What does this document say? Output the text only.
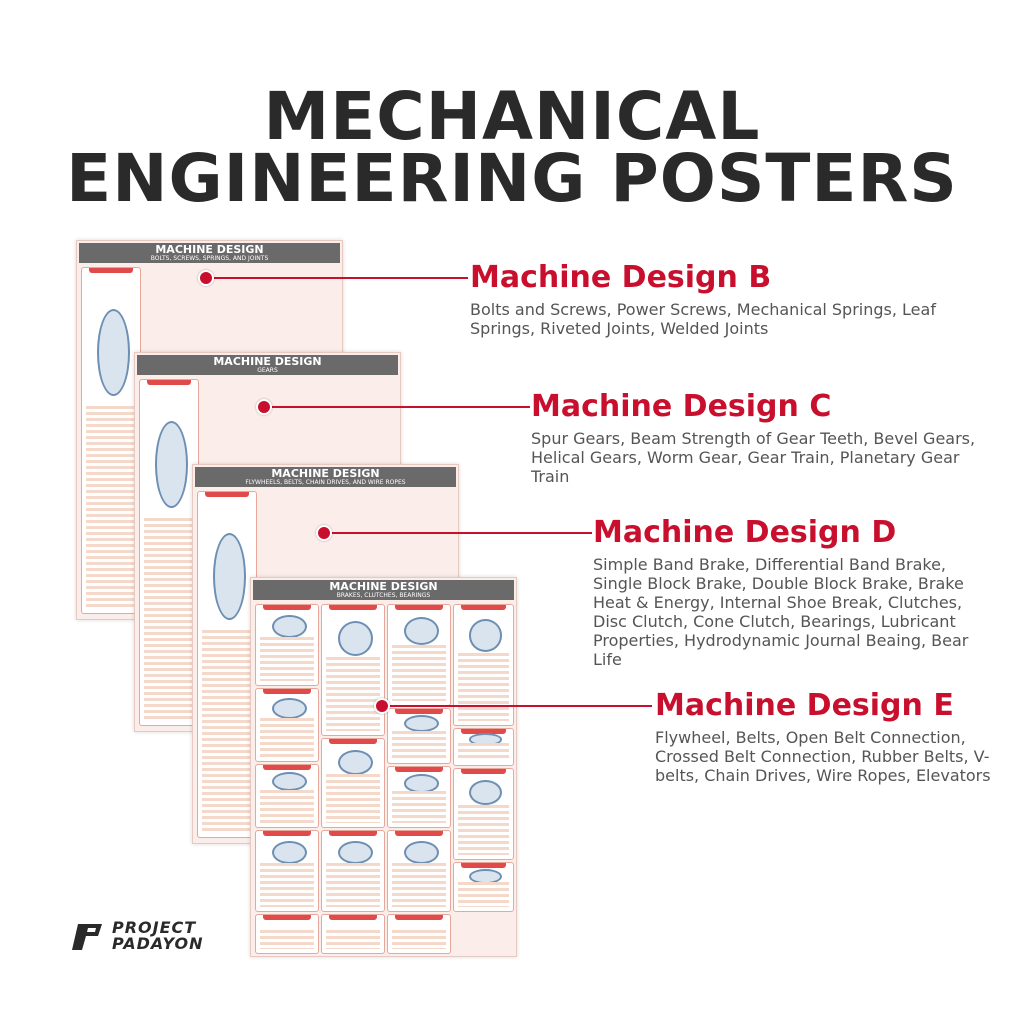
MECHANICAL
ENGINEERING POSTERS
MACHINE DESIGN
BOLTS, SCREWS, SPRINGS, AND JOINTS
MACHINE DESIGN
GEARS
MACHINE DESIGN
FLYWHEELS, BELTS, CHAIN DRIVES, AND WIRE ROPES
MACHINE DESIGN
BRAKES, CLUTCHES, BEARINGS
Machine Design B

Bolts and Screws, Power Screws, Mechanical Springs, Leaf Springs, Riveted Joints, Welded Joints

Machine Design C

Spur Gears, Beam Strength of Gear Teeth, Bevel Gears, Helical Gears, Worm Gear, Gear Train, Planetary Gear Train

Machine Design D

Simple Band Brake, Differential Band Brake, Single Block Brake, Double Block Brake, Brake Heat & Energy, Internal Shoe Break, Clutches, Disc Clutch, Cone Clutch, Bearings, Lubricant Properties, Hydrodynamic Journal Beaing, Bear Life

Machine Design E

Flywheel, Belts, Open Belt Connection, Crossed Belt Connection, Rubber Belts, V-belts, Chain Drives, Wire Ropes, Elevators

PROJECT
PADAYON
